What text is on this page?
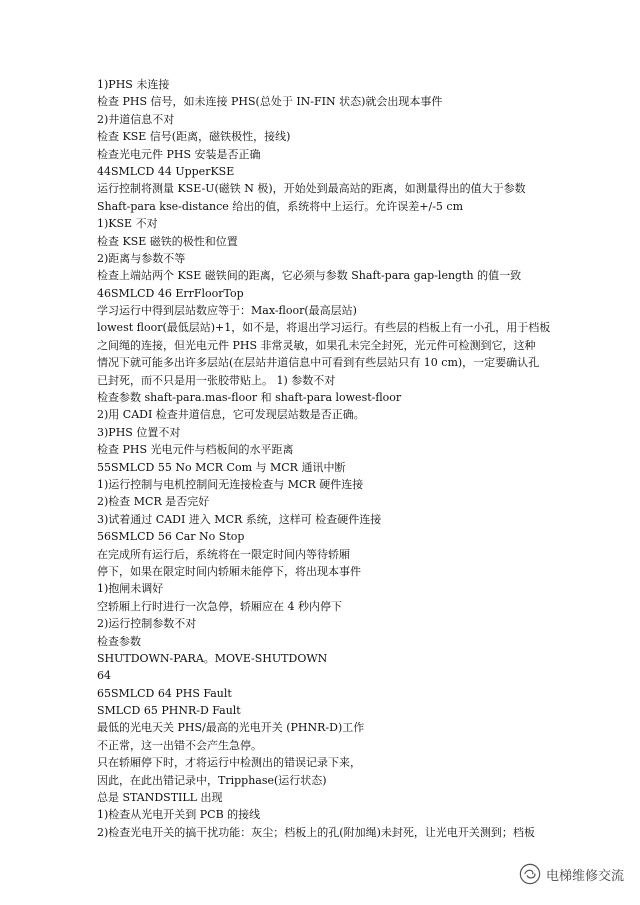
1)PHS 未连接
检查 PHS 信号，如未连接 PHS(总处于 IN-FIN 状态)就会出现本事件
2)井道信息不对
检查 KSE 信号(距离，磁铁极性，接线)
检查光电元件 PHS 安装是否正确
44SMLCD 44 UpperKSE
运行控制将测量 KSE-U(磁铁 N 极)，开始处到最高站的距离，如测量得出的值大于参数
Shaft-para kse-distance 给出的值，系统将中上运行。允许误差+/-5 cm
1)KSE 不对
检查 KSE 磁铁的极性和位置
2)距离与参数不等
检查上端站两个 KSE 磁铁间的距离，它必须与参数 Shaft-para gap-length 的值一致
46SMLCD 46 ErrFloorTop
学习运行中得到层站数应等于：Max-floor(最高层站)
lowest floor(最低层站)+1，如不是，将退出学习运行。有些层的档板上有一小孔，用于档板
之间绳的连接，但光电元件 PHS 非常灵敏，如果孔未完全封死，光元件可检测到它，这种
情况下就可能多出许多层站(在层站井道信息中可看到有些层站只有 10 cm)，一定要确认孔
已封死，而不只是用一张胶带贴上。 1) 参数不对
检查参数 shaft-para.mas-floor 和 shaft-para lowest-floor
2)用 CADI 检查井道信息，它可发现层站数是否正确。
3)PHS 位置不对
检查 PHS 光电元件与档板间的水平距离
55SMLCD 55 No MCR Com 与 MCR 通讯中断
1)运行控制与电机控制间无连接检查与 MCR 硬件连接
2)检查 MCR 是否完好
3)试着通过 CADI 进入 MCR 系统，这样可 检查硬件连接
56SMLCD 56 Car No Stop
在完成所有运行后，系统将在一限定时间内等待轿厢
停下，如果在限定时间内轿厢未能停下，将出现本事件
1)抱闸未调好
空轿厢上行时进行一次急停，轿厢应在 4 秒内停下
2)运行控制参数不对
检查参数
SHUTDOWN-PARA。MOVE-SHUTDOWN
64
65SMLCD 64 PHS Fault
SMLCD 65 PHNR-D Fault
最低的光电天关 PHS/最高的光电开关 (PHNR-D)工作
不正常，这一出错不会产生急停。
只在轿厢停下时，才将运行中检测出的错误记录下来，
因此，在此出错记录中，Tripphase(运行状态)
总是 STANDSTILL 出现
1)检查从光电开关到 PCB 的接线
2)检查光电开关的搞干扰功能：灰尘；档板上的孔(附加绳)未封死，让光电开关测到；档板
电梯维修交流
